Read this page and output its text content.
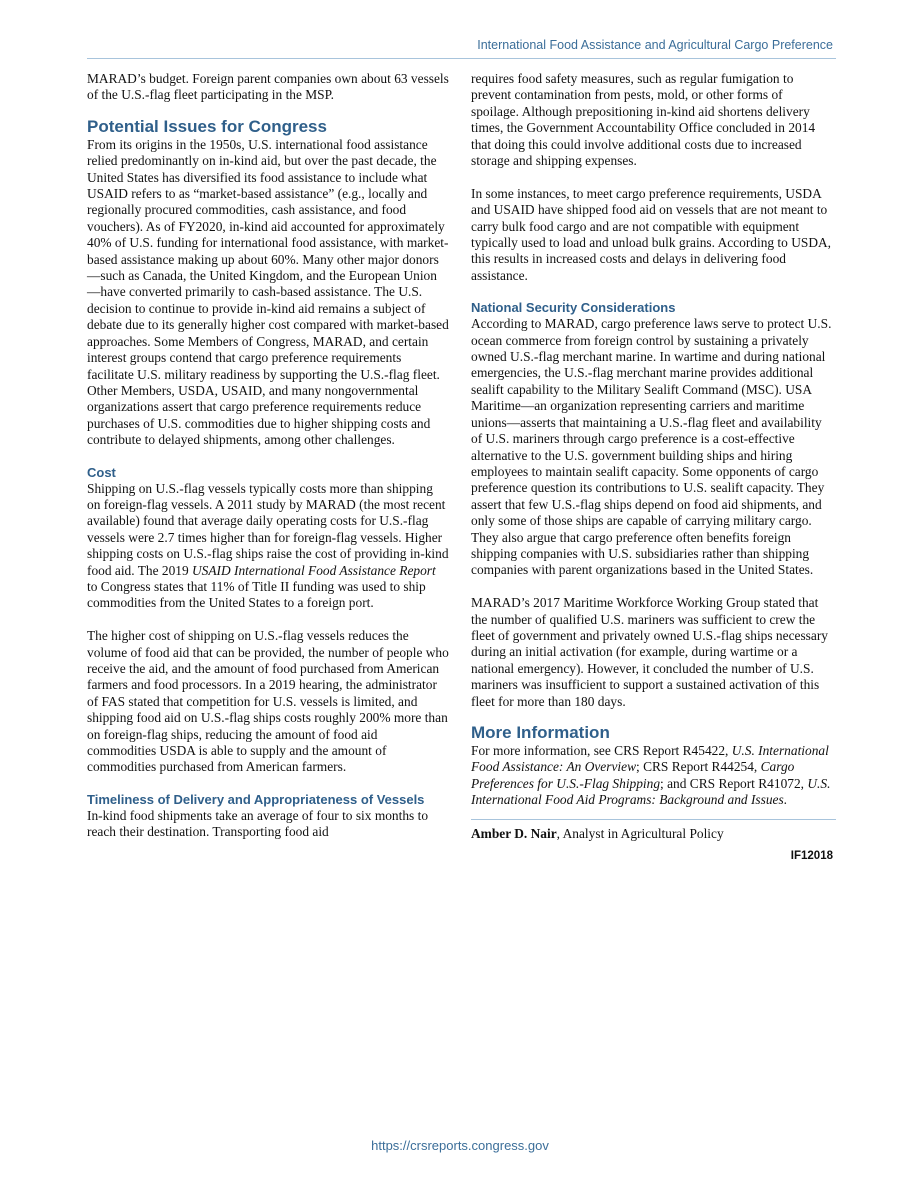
International Food Assistance and Agricultural Cargo Preference

MARAD’s budget. Foreign parent companies own about 63 vessels of the U.S.-flag fleet participating in the MSP.

Potential Issues for Congress

From its origins in the 1950s, U.S. international food assistance relied predominantly on in-kind aid, but over the past decade, the United States has diversified its food assistance to include what USAID refers to as “market-based assistance” (e.g., locally and regionally procured commodities, cash assistance, and food vouchers). As of FY2020, in-kind aid accounted for approximately 40% of U.S. funding for international food assistance, with market-based assistance making up about 60%. Many other major donors—such as Canada, the United Kingdom, and the European Union—have converted primarily to cash-based assistance. The U.S. decision to continue to provide in-kind aid remains a subject of debate due to its generally higher cost compared with market-based approaches. Some Members of Congress, MARAD, and certain interest groups contend that cargo preference requirements facilitate U.S. military readiness by supporting the U.S.-flag fleet. Other Members, USDA, USAID, and many nongovernmental organizations assert that cargo preference requirements reduce purchases of U.S. commodities due to higher shipping costs and contribute to delayed shipments, among other challenges.

Cost

Shipping on U.S.-flag vessels typically costs more than shipping on foreign-flag vessels. A 2011 study by MARAD (the most recent available) found that average daily operating costs for U.S.-flag vessels were 2.7 times higher than for foreign-flag vessels. Higher shipping costs on U.S.-flag ships raise the cost of providing in-kind food aid. The 2019 USAID International Food Assistance Report to Congress states that 11% of Title II funding was used to ship commodities from the United States to a foreign port.

The higher cost of shipping on U.S.-flag vessels reduces the volume of food aid that can be provided, the number of people who receive the aid, and the amount of food purchased from American farmers and food processors. In a 2019 hearing, the administrator of FAS stated that competition for U.S. vessels is limited, and shipping food aid on U.S.-flag ships costs roughly 200% more than on foreign-flag ships, reducing the amount of food aid commodities USDA is able to supply and the amount of commodities purchased from American farmers.

Timeliness of Delivery and Appropriateness of Vessels

In-kind food shipments take an average of four to six months to reach their destination. Transporting food aid

requires food safety measures, such as regular fumigation to prevent contamination from pests, mold, or other forms of spoilage. Although prepositioning in-kind aid shortens delivery times, the Government Accountability Office concluded in 2014 that doing this could involve additional costs due to increased storage and shipping expenses.

In some instances, to meet cargo preference requirements, USDA and USAID have shipped food aid on vessels that are not meant to carry bulk food cargo and are not compatible with equipment typically used to load and unload bulk grains. According to USDA, this results in increased costs and delays in delivering food assistance.

National Security Considerations

According to MARAD, cargo preference laws serve to protect U.S. ocean commerce from foreign control by sustaining a privately owned U.S.-flag merchant marine. In wartime and during national emergencies, the U.S.-flag merchant marine provides additional sealift capability to the Military Sealift Command (MSC). USA Maritime—an organization representing carriers and maritime unions—asserts that maintaining a U.S.-flag fleet and availability of U.S. mariners through cargo preference is a cost-effective alternative to the U.S. government building ships and hiring employees to maintain sealift capacity. Some opponents of cargo preference question its contributions to U.S. sealift capacity. They assert that few U.S.-flag ships depend on food aid shipments, and only some of those ships are capable of carrying military cargo. They also argue that cargo preference often benefits foreign shipping companies with U.S. subsidiaries rather than shipping companies with parent organizations based in the United States.

MARAD’s 2017 Maritime Workforce Working Group stated that the number of qualified U.S. mariners was sufficient to crew the fleet of government and privately owned U.S.-flag ships necessary during an initial activation (for example, during wartime or a national emergency). However, it concluded the number of U.S. mariners was insufficient to support a sustained activation of this fleet for more than 180 days.

More Information

For more information, see CRS Report R45422, U.S. International Food Assistance: An Overview; CRS Report R44254, Cargo Preferences for U.S.-Flag Shipping; and CRS Report R41072, U.S. International Food Aid Programs: Background and Issues.

Amber D. Nair, Analyst in Agricultural Policy

IF12018
https://crsreports.congress.gov
